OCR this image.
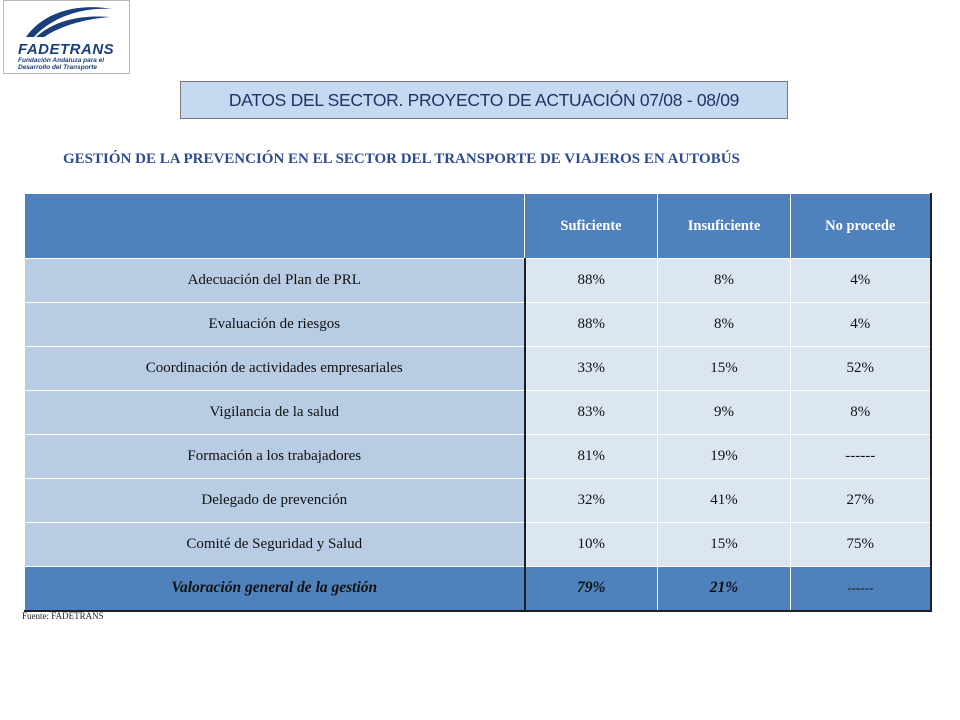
FADETRANS
Fundación Andaluza para el
Desarrollo del Transporte
DATOS DEL SECTOR. PROYECTO DE ACTUACIÓN 07/08 - 08/09
GESTIÓN DE LA PREVENCIÓN EN EL SECTOR DEL TRANSPORTE DE VIAJEROS EN AUTOBÚS
	Suficiente	Insuficiente	No procede
Adecuación del Plan de PRL	88%	8%	4%
Evaluación de riesgos	88%	8%	4%
Coordinación de actividades empresariales	33%	15%	52%
Vigilancia de la salud	83%	9%	8%
Formación a los trabajadores	81%	19%	------
Delegado de prevención	32%	41%	27%
Comité de Seguridad y Salud	10%	15%	75%
Valoración general de la gestión	79%	21%	------
Fuente: FADETRANS
